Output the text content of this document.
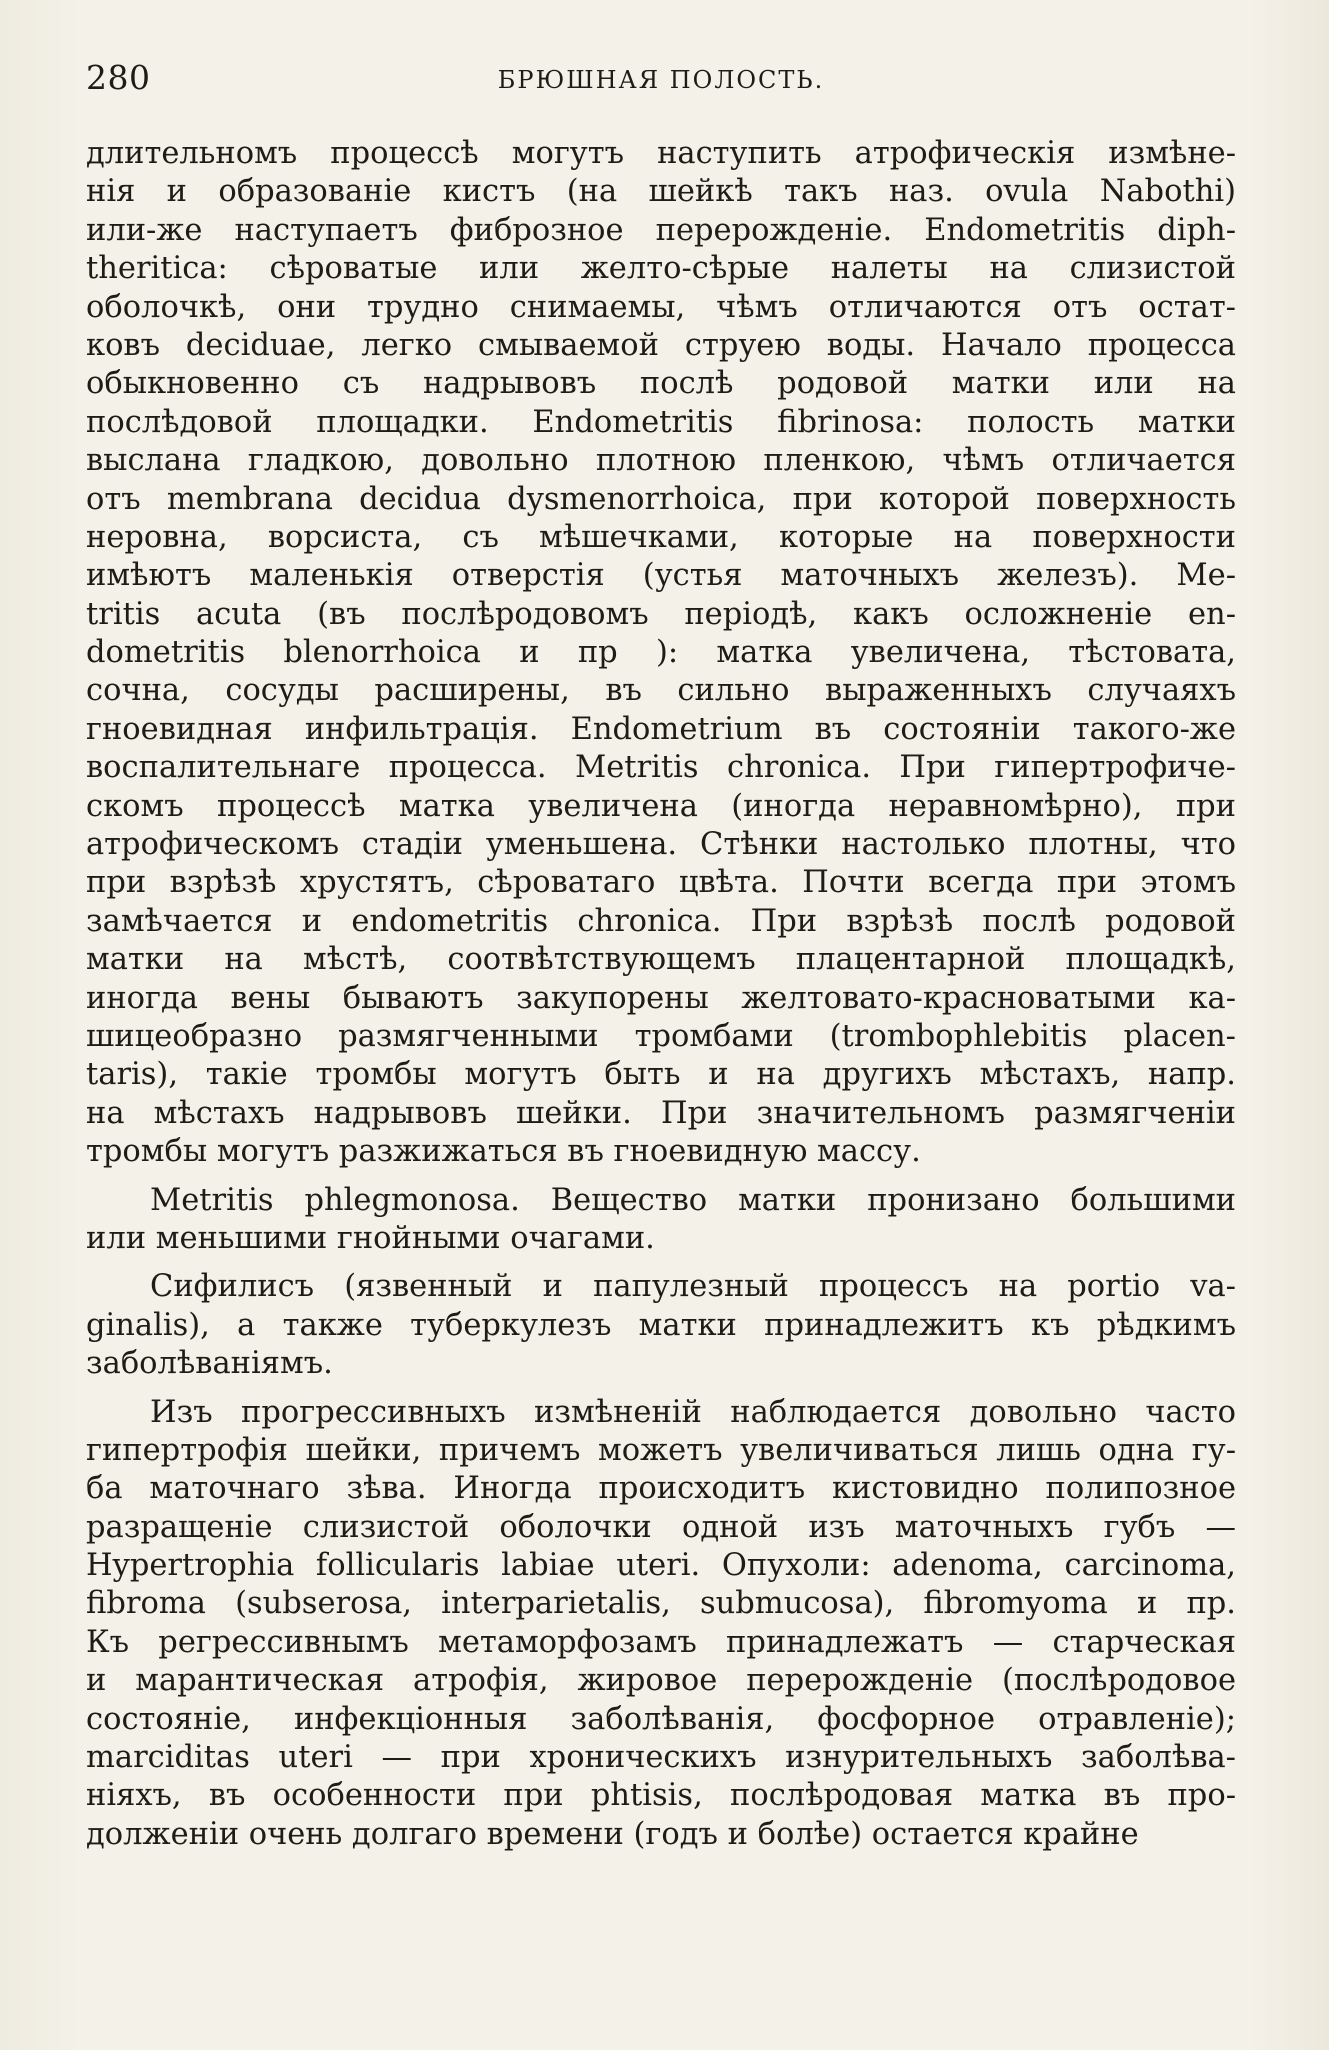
280	БРЮШНАЯ ПОЛОСТЬ.
длительномъ процессѣ могутъ наступить атрофическія измѣне-
нія и образованіе кистъ (на шейкѣ такъ наз. ovula Nabothi)
или-же наступаетъ фиброзное перерожденіе. Endometritis diph-
theritica: сѣроватые или желто-сѣрые налеты на слизистой
оболочкѣ, они трудно снимаемы, чѣмъ отличаются отъ остат-
ковъ deciduae, легко смываемой струею воды. Начало процесса
обыкновенно съ надрывовъ послѣ родовой матки или на
послѣдовой площадки. Endometritis fibrinosa: полость матки
выслана гладкою, довольно плотною пленкою, чѣмъ отличается
отъ membrana decidua dysmenorrhoica, при которой поверхность
неровна, ворсиста, съ мѣшечками, которые на поверхности
имѣютъ маленькія отверстія (устья маточныхъ железъ). Me-
tritis acuta (въ послѣродовомъ періодѣ, какъ осложненіе en-
dometritis blenorrhoica и пр ): матка увеличена, тѣстовата,
сочна, сосуды расширены, въ сильно выраженныхъ случаяхъ
гноевидная инфильтрація. Endometrium въ состояніи такого-же
воспалительнаге процесса. Metritis chronica. При гипертрофиче-
скомъ процессѣ матка увеличена (иногда неравномѣрно), при
атрофическомъ стадіи уменьшена. Стѣнки настолько плотны, что
при взрѣзѣ хрустятъ, сѣроватаго цвѣта. Почти всегда при этомъ
замѣчается и endometritis chronica. При взрѣзѣ послѣ родовой
матки на мѣстѣ, соотвѣтствующемъ плацентарной площадкѣ,
иногда вены бываютъ закупорены желтовато-красноватыми ка-
шицеобразно размягченными тромбами (tromboрhlebitis placen-
taris), такіе тромбы могутъ быть и на другихъ мѣстахъ, напр.
на мѣстахъ надрывовъ шейки. При значительномъ размягченіи
тромбы могутъ разжижаться въ гноевидную массу.
Metritis phlegmonosa. Вещество матки пронизано большими
или меньшими гнойными очагами.
Сифилисъ (язвенный и папулезный процессъ на portio va-
ginalis), а также туберкулезъ матки принадлежитъ къ рѣдкимъ
заболѣваніямъ.
Изъ прогрессивныхъ измѣненій наблюдается довольно часто
гипертрофія шейки, причемъ можетъ увеличиваться лишь одна гу-
ба маточнаго зѣва. Иногда происходитъ кистовидно полипозное
разращеніе слизистой оболочки одной изъ маточныхъ губъ —
Hypertrophia follicularis labiae uteri. Опухоли: adenoma, carcinoma,
fibroma (subserosa, interparietalis, submucosa), fibromyoma и пр.
Къ регрессивнымъ метаморфозамъ принадлежатъ — старческая
и марантическая атрофія, жировое перерожденіе (послѣродовое
состояніе, инфекціонныя заболѣванія, фосфорное отравленіе);
marciditas uteri — при хроническихъ изнурительныхъ заболѣва-
ніяхъ, въ особенности при phtisis, послѣродовая матка въ про-
долженіи очень долгаго времени (годъ и болѣе) остается крайне
